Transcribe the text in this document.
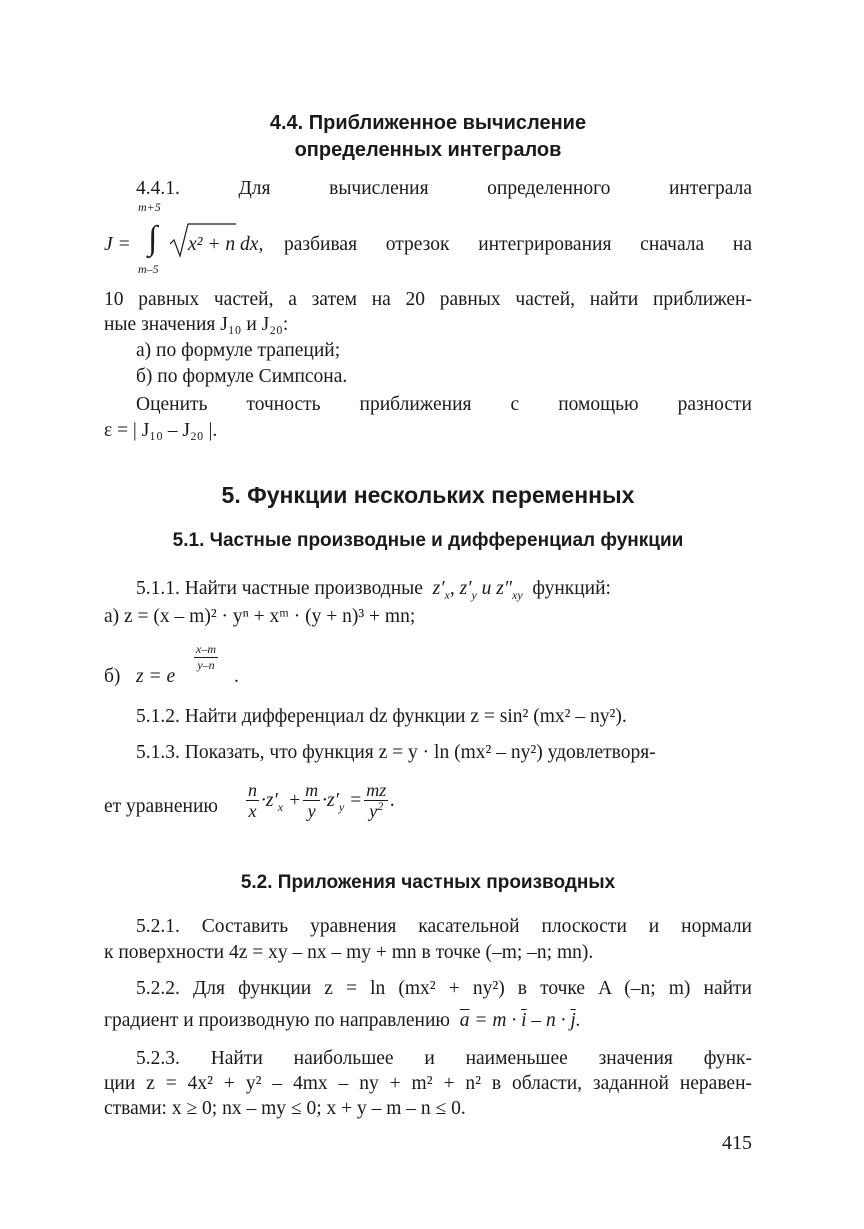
4.4. Приближенное вычисление
определенных интегралов
4.4.1. Для вычисления определенного интеграла
m+5
J = ∫ x² + n dx,
m–5
разбивая отрезок интегрирования сначала на
10 равных частей, а затем на 20 равных частей, найти приближен-
ные значения J₁₀ и J₂₀:
а) по формуле трапеций;
б) по формуле Симпсона.
Оценить точность приближения с помощью разности
ε = | J₁₀ – J₂₀ |.
5. Функции нескольких переменных
5.1. Частные производные и дифференциал функции
5.1.1. Найти частные производные  $z'_x$, $z'_y$ и $z''_{xy}$ функций:
а) z = (x – m)² · yⁿ + xᵐ · (y + n)³ + mn;
б) z = e
$\frac{x-m}{y-n}$
.
5.1.2. Найти дифференциал dz функции z = sin² (mx² – ny²).
5.1.3. Показать, что функция z = y · ln (mx² – ny²) удовлетворя-
ет уравнению $\frac{n}{x} \cdot z'_x + \frac{m}{y} \cdot z'_y = \frac{mz}{y^2}$ .
5.2. Приложения частных производных
5.2.1. Составить уравнения касательной плоскости и нормали
к поверхности 4z = xy – nx – my + mn в точке (–m; –n; mn).
5.2.2. Для функции z = ln (mx² + ny²) в точке A (–n; m) найти
градиент и производную по направлению $\overline{a} = m \cdot \overline{i} - n \cdot \overline{j}$.
5.2.3. Найти наибольшее и наименьшее значения функ-
ции z = 4x² + y² – 4mx – ny + m² + n² в области, заданной неравен-
ствами: x ≥ 0; nx – my ≤ 0; x + y – m – n ≤ 0.
415
